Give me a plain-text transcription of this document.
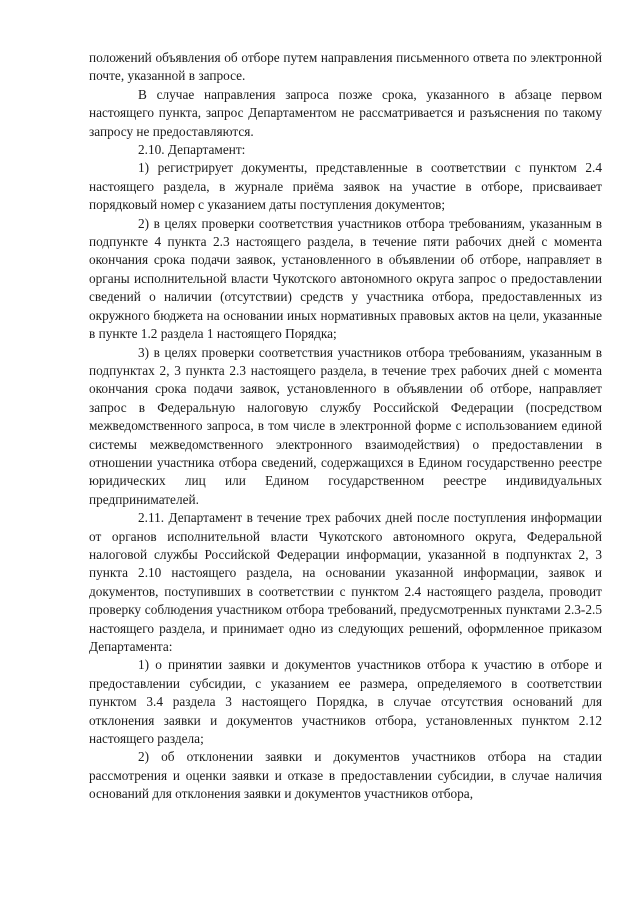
положений объявления об отборе путем направления письменного ответа по электронной почте, указанной в запросе.

В случае направления запроса позже срока, указанного в абзаце первом настоящего пункта, запрос Департаментом не рассматривается и разъяснения по такому запросу не предоставляются.

2.10. Департамент:

1) регистрирует документы, представленные в соответствии с пунктом 2.4 настоящего раздела, в журнале приёма заявок на участие в отборе, присваивает порядковый номер с указанием даты поступления документов;

2) в целях проверки соответствия участников отбора требованиям, указанным в подпункте 4 пункта 2.3 настоящего раздела, в течение пяти рабочих дней с момента окончания срока подачи заявок, установленного в объявлении об отборе, направляет в органы исполнительной власти Чукотского автономного округа запрос о предоставлении сведений о наличии (отсутствии) средств у участника отбора, предоставленных из окружного бюджета на основании иных нормативных правовых актов на цели, указанные в пункте 1.2 раздела 1 настоящего Порядка;

3) в целях проверки соответствия участников отбора требованиям, указанным в подпунктах 2, 3 пункта 2.3 настоящего раздела, в течение трех рабочих дней с момента окончания срока подачи заявок, установленного в объявлении об отборе, направляет запрос в Федеральную налоговую службу Российской Федерации (посредством межведомственного запроса, в том числе в электронной форме с использованием единой системы межведомственного электронного взаимодействия) о предоставлении в отношении участника отбора сведений, содержащихся в Едином государственно реестре юридических лиц или Едином государственном реестре индивидуальных предпринимателей.

2.11. Департамент в течение трех рабочих дней после поступления информации от органов исполнительной власти Чукотского автономного округа, Федеральной налоговой службы Российской Федерации информации, указанной в подпунктах 2, 3 пункта 2.10 настоящего раздела, на основании указанной информации, заявок и документов, поступивших в соответствии с пунктом 2.4 настоящего раздела, проводит проверку соблюдения участником отбора требований, предусмотренных пунктами 2.3-2.5 настоящего раздела, и принимает одно из следующих решений, оформленное приказом Департамента:

1) о принятии заявки и документов участников отбора к участию в отборе и предоставлении субсидии, с указанием ее размера, определяемого в соответствии пунктом 3.4 раздела 3 настоящего Порядка, в случае отсутствия оснований для отклонения заявки и документов участников отбора, установленных пунктом 2.12 настоящего раздела;

2) об отклонении заявки и документов участников отбора на стадии рассмотрения и оценки заявки и отказе в предоставлении субсидии, в случае наличия оснований для отклонения заявки и документов участников отбора,
